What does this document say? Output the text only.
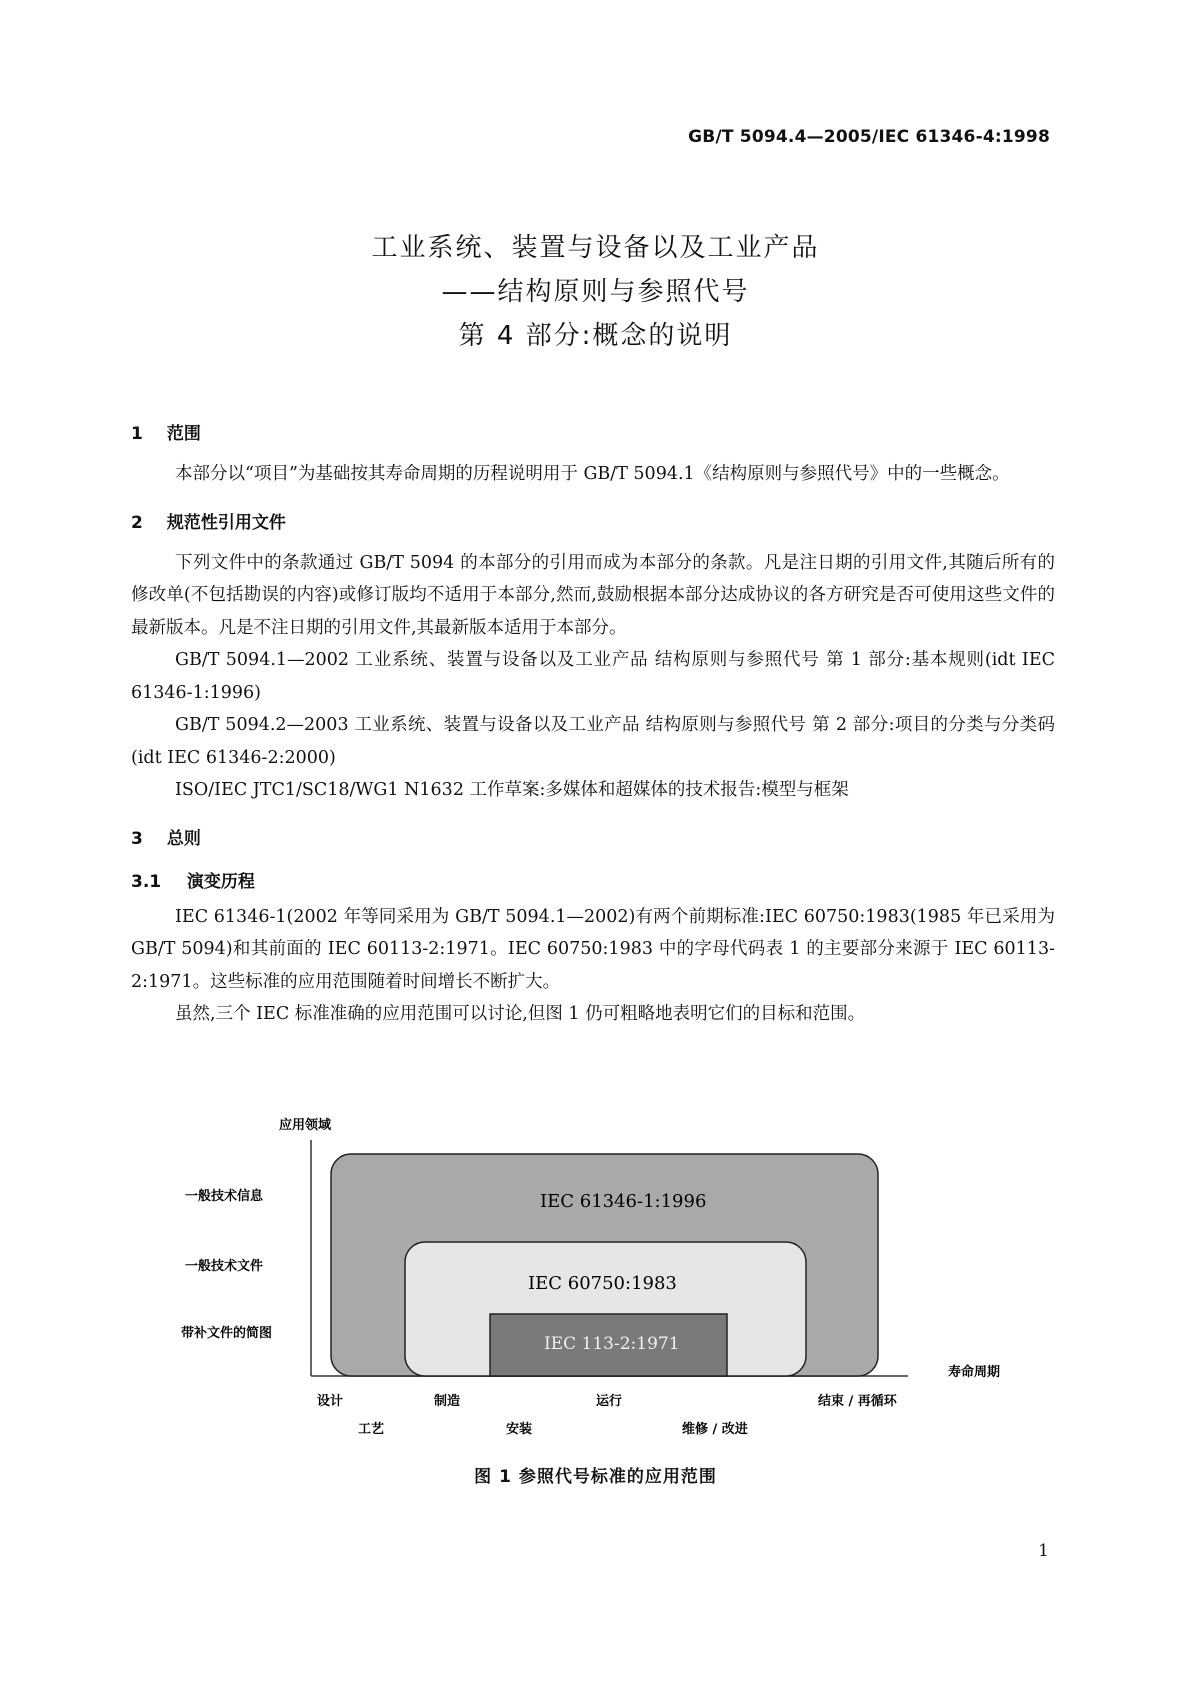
GB/T 5094.4—2005/IEC 61346-4:1998
工业系统、装置与设备以及工业产品
——结构原则与参照代号
第 4 部分:概念的说明
1 范围

本部分以“项目”为基础按其寿命周期的历程说明用于 GB/T 5094.1《结构原则与参照代号》中的一些概念。

2 规范性引用文件

下列文件中的条款通过 GB/T 5094 的本部分的引用而成为本部分的条款。凡是注日期的引用文件,其随后所有的修改单(不包括勘误的内容)或修订版均不适用于本部分,然而,鼓励根据本部分达成协议的各方研究是否可使用这些文件的最新版本。凡是不注日期的引用文件,其最新版本适用于本部分。

GB/T 5094.1—2002 工业系统、装置与设备以及工业产品 结构原则与参照代号 第 1 部分:基本规则(idt IEC 61346-1:1996)

GB/T 5094.2—2003 工业系统、装置与设备以及工业产品 结构原则与参照代号 第 2 部分:项目的分类与分类码(idt IEC 61346-2:2000)

ISO/IEC JTC1/SC18/WG1 N1632 工作草案:多媒体和超媒体的技术报告:模型与框架

3 总则
3.1 演变历程

IEC 61346-1(2002 年等同采用为 GB/T 5094.1—2002)有两个前期标准:IEC 60750:1983(1985 年已采用为 GB/T 5094)和其前面的 IEC 60113-2:1971。IEC 60750:1983 中的字母代码表 1 的主要部分来源于 IEC 60113-2:1971。这些标准的应用范围随着时间增长不断扩大。

虽然,三个 IEC 标准准确的应用范围可以讨论,但图 1 仍可粗略地表明它们的目标和范围。

应用领域
寿命周期
一般技术信息
一般技术文件
带补文件的简图
IEC 61346-1:1996
IEC 60750:1983
IEC 113-2:1971
设计	制造	运行	结束 / 再循环
工艺	安装	维修 / 改进
图 1 参照代号标准的应用范围
1
